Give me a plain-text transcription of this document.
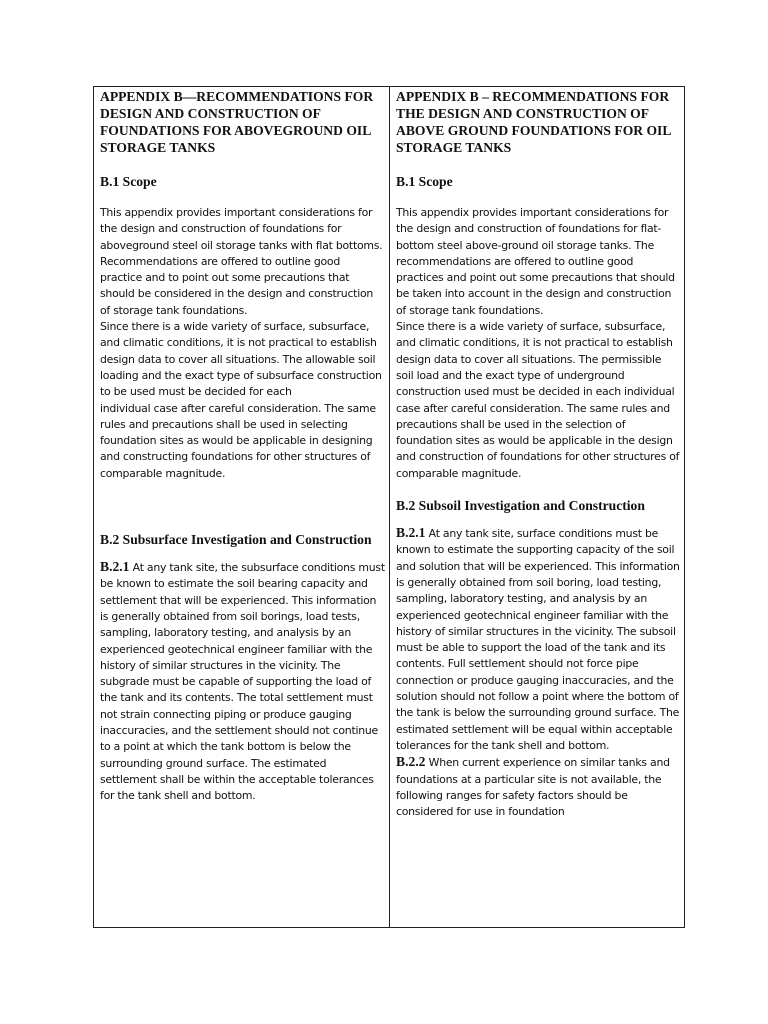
APPENDIX B—RECOMMENDATIONS FOR DESIGN AND CONSTRUCTION OF FOUNDATIONS FOR ABOVEGROUND OIL STORAGE TANKS
B.1 Scope

This appendix provides important considerations for the design and construction of foundations for aboveground steel oil storage tanks with flat bottoms. Recommendations are offered to outline good practice and to point out some precautions that should be considered in the design and construction of storage tank foundations.

Since there is a wide variety of surface, subsurface, and climatic conditions, it is not practical to establish design data to cover all situations. The allowable soil loading and the exact type of subsurface construction to be used must be decided for each

individual case after careful consideration. The same rules and precautions shall be used in selecting foundation sites as would be applicable in designing and constructing foundations for other structures of comparable magnitude.

B.2 Subsurface Investigation and Construction

B.2.1 At any tank site, the subsurface conditions must be known to estimate the soil bearing capacity and settlement that will be experienced. This information is generally obtained from soil borings, load tests, sampling, laboratory testing, and analysis by an experienced geotechnical engineer familiar with the history of similar structures in the vicinity. The subgrade must be capable of supporting the load of the tank and its contents. The total settlement must not strain connecting piping or produce gauging inaccuracies, and the settlement should not continue to a point at which the tank bottom is below the surrounding ground surface. The estimated settlement shall be within the acceptable tolerances for the tank shell and bottom.

APPENDIX B – RECOMMENDATIONS FOR THE DESIGN AND CONSTRUCTION OF ABOVE GROUND FOUNDATIONS FOR OIL STORAGE TANKS
B.1 Scope

This appendix provides important considerations for the design and construction of foundations for flat-bottom steel above-ground oil storage tanks. The recommendations are offered to outline good practices and point out some precautions that should be taken into account in the design and construction of storage tank foundations.

Since there is a wide variety of surface, subsurface, and climatic conditions, it is not practical to establish design data to cover all situations. The permissible soil load and the exact type of underground construction used must be decided in each individual case after careful consideration. The same rules and precautions shall be used in the selection of foundation sites as would be applicable in the design and construction of foundations for other structures of comparable magnitude.

B.2 Subsoil Investigation and Construction

B.2.1 At any tank site, surface conditions must be known to estimate the supporting capacity of the soil and solution that will be experienced. This information is generally obtained from soil boring, load testing, sampling, laboratory testing, and analysis by an experienced geotechnical engineer familiar with the history of similar structures in the vicinity. The subsoil must be able to support the load of the tank and its contents. Full settlement should not force pipe connection or produce gauging inaccuracies, and the solution should not follow a point where the bottom of the tank is below the surrounding ground surface. The estimated settlement will be equal within acceptable tolerances for the tank shell and bottom.

B.2.2 When current experience on similar tanks and foundations at a particular site is not available, the following ranges for safety factors should be considered for use in foundation
